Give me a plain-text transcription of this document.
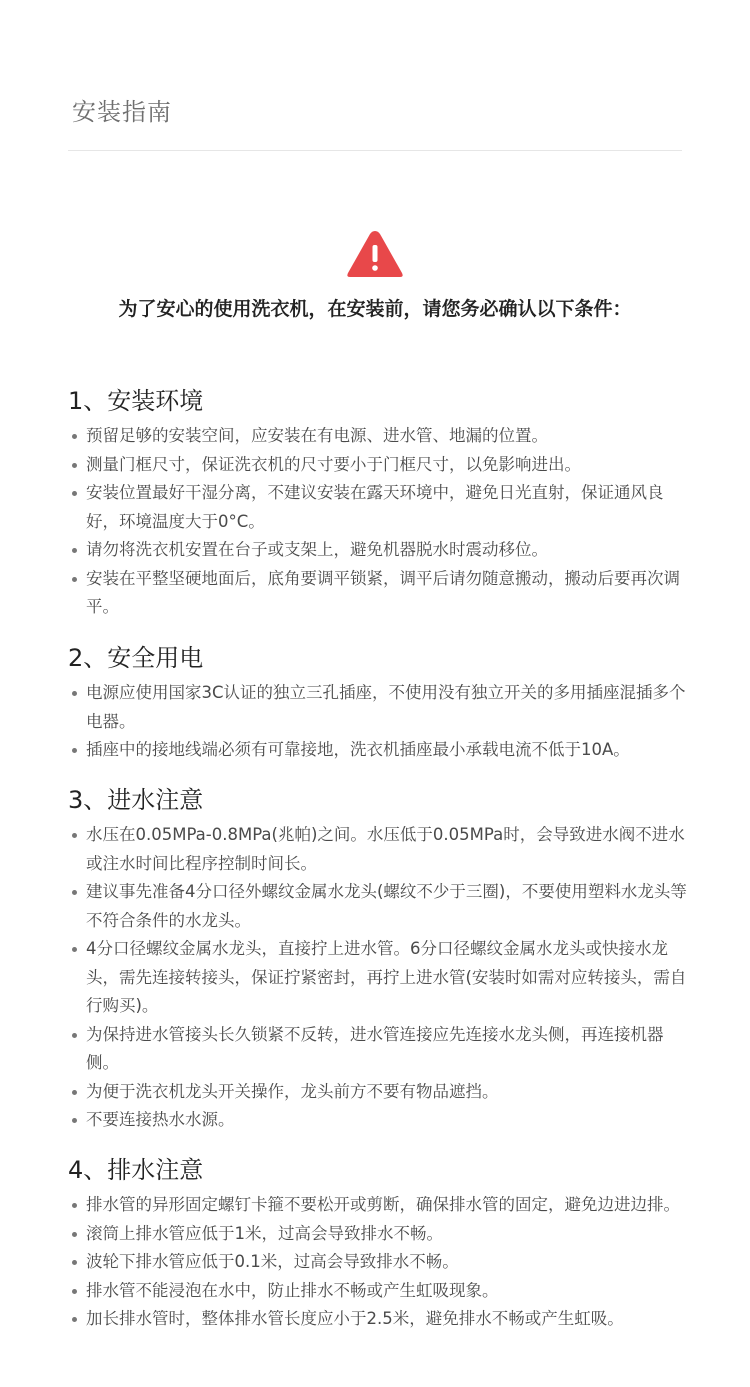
安装指南
为了安心的使用洗衣机，在安装前，请您务必确认以下条件：
1、安装环境
预留足够的安装空间，应安装在有电源、进水管、地漏的位置。
测量门框尺寸，保证洗衣机的尺寸要小于门框尺寸，以免影响进出。
安装位置最好干湿分离，不建议安装在露天环境中，避免日光直射，保证通风良好，环境温度大于0°C。
请勿将洗衣机安置在台子或支架上，避免机器脱水时震动移位。
安装在平整坚硬地面后，底角要调平锁紧，调平后请勿随意搬动，搬动后要再次调平。
2、安全用电
电源应使用国家3C认证的独立三孔插座，不使用没有独立开关的多用插座混插多个电器。
插座中的接地线端必须有可靠接地，洗衣机插座最小承载电流不低于10A。
3、进水注意
水压在0.05MPa-0.8MPa(兆帕)之间。水压低于0.05MPa时，会导致进水阀不进水或注水时间比程序控制时间长。
建议事先准备4分口径外螺纹金属水龙头(螺纹不少于三圈)，不要使用塑料水龙头等不符合条件的水龙头。
4分口径螺纹金属水龙头，直接拧上进水管。6分口径螺纹金属水龙头或快接水龙头，需先连接转接头，保证拧紧密封，再拧上进水管(安装时如需对应转接头，需自行购买)。
为保持进水管接头长久锁紧不反转，进水管连接应先连接水龙头侧，再连接机器侧。
为便于洗衣机龙头开关操作，龙头前方不要有物品遮挡。
不要连接热水水源。
4、排水注意
排水管的异形固定螺钉卡箍不要松开或剪断，确保排水管的固定，避免边进边排。
滚筒上排水管应低于1米，过高会导致排水不畅。
波轮下排水管应低于0.1米，过高会导致排水不畅。
排水管不能浸泡在水中，防止排水不畅或产生虹吸现象。
加长排水管时，整体排水管长度应小于2.5米，避免排水不畅或产生虹吸。
